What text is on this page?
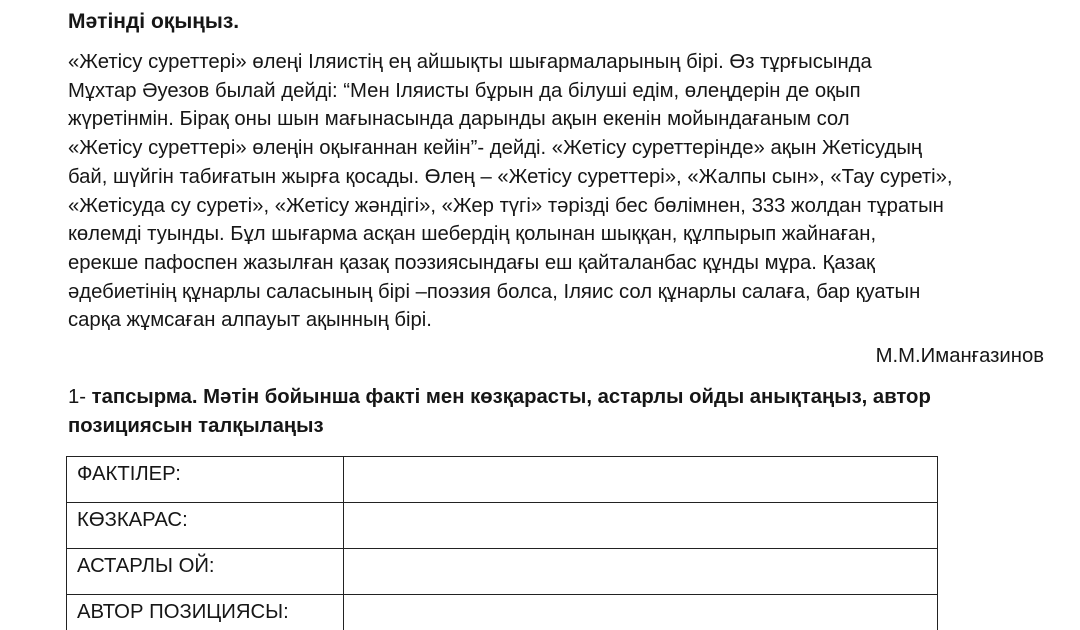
Мәтінді оқыңыз.
«Жетісу суреттері» өлеңі Іляистің ең айшықты шығармаларының бірі. Өз тұрғысында
Мұхтар Әуезов былай дейді: “Мен Іляисты бұрын да білуші едім, өлеңдерін де оқып
жүретінмін. Бірақ оны шын мағынасында дарынды ақын екенін мойындағаным сол
«Жетісу суреттері» өлеңін оқығаннан кейін”- дейді. «Жетісу суреттерінде» ақын Жетісудың
бай, шүйгін табиғатын жырға қосады. Өлең – «Жетісу суреттері», «Жалпы сын», «Тау суреті»,
«Жетісуда су суреті», «Жетісу жәндігі», «Жер түгі» тәрізді бес бөлімнен, 333 жолдан тұратын
көлемді туынды. Бұл шығарма асқан шебердің қолынан шыққан, құлпырып жайнаған,
ерекше пафоспен жазылған қазақ поэзиясындағы еш қайталанбас құнды мұра. Қазақ
әдебиетінің құнарлы саласының бірі –поэзия болса, Іляис сол құнарлы салаға, бар қуатын
сарқа жұмсаған алпауыт ақынның бірі.
М.М.Иманғазинов
1- тапсырма. Мәтін бойынша факті мен көзқарасты, астарлы ойды анықтаңыз, автор
позициясын талқылаңыз
ФАКТІЛЕР:	
КӨЗКАРАС:	
АСТАРЛЫ ОЙ:	
АВТОР ПОЗИЦИЯСЫ:	
